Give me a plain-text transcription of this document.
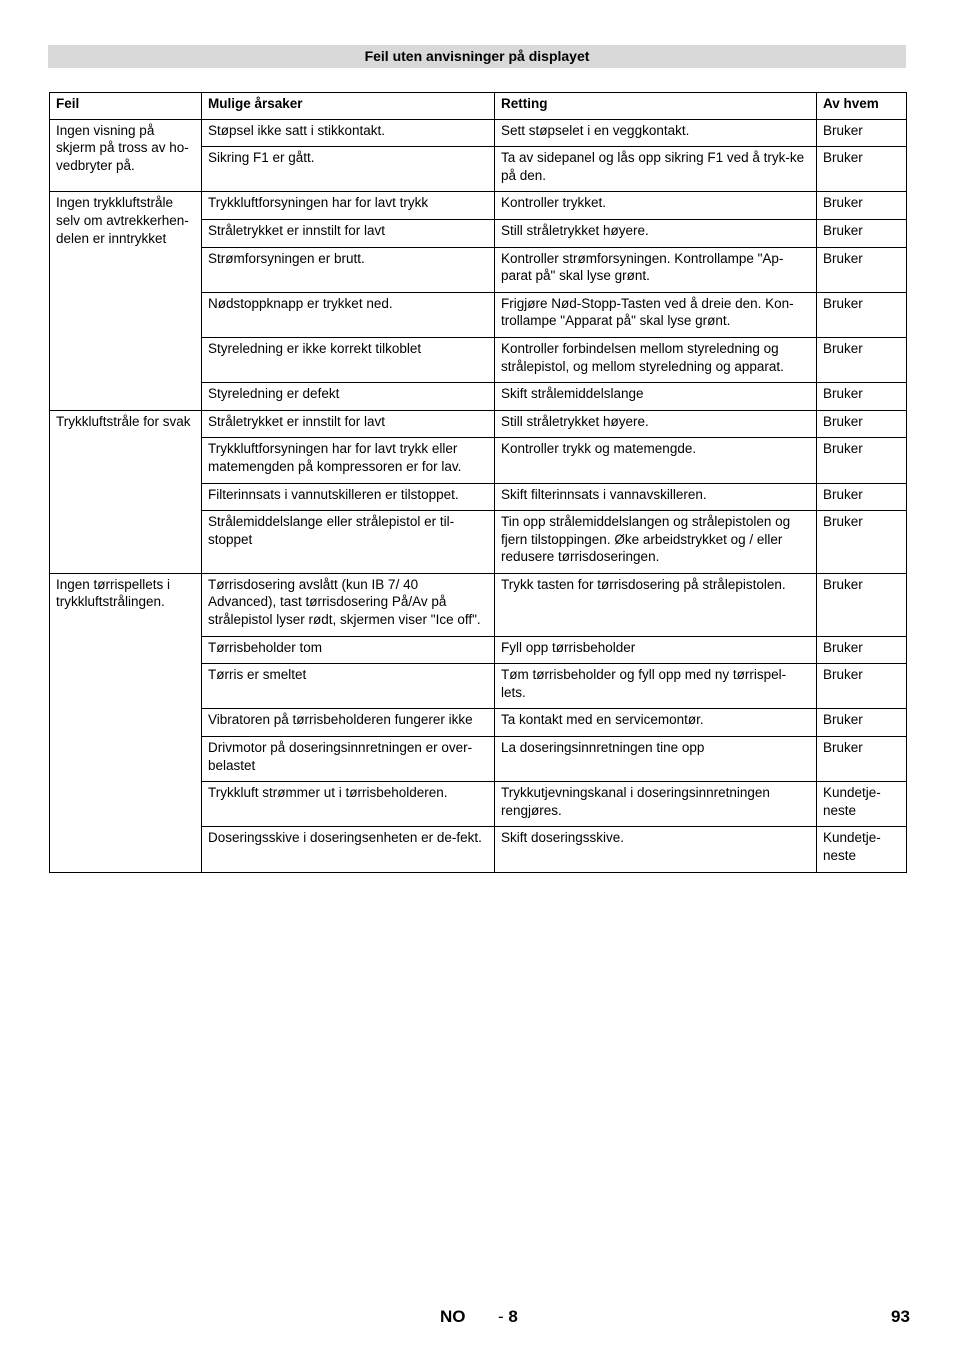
Feil uten anvisninger på displayet
Feil	Mulige årsaker	Retting	Av hvem
Ingen visning på skjerm på tross av ho-vedbryter på.	Støpsel ikke satt i stikkontakt.	Sett støpselet i en veggkontakt.	Bruker
	Sikring F1 er gått.	Ta av sidepanel og lås opp sikring F1 ved å tryk-ke på den.	Bruker
Ingen trykkluftstråle selv om avtrekkerhen-delen er inntrykket	Trykkluftforsyningen har for lavt trykk	Kontroller trykket.	Bruker
	Stråletrykket er innstilt for lavt	Still stråletrykket høyere.	Bruker
	Strømforsyningen er brutt.	Kontroller strømforsyningen. Kontrollampe "Ap-parat på" skal lyse grønt.	Bruker
	Nødstoppknapp er trykket ned.	Frigjøre Nød-Stopp-Tasten ved å dreie den. Kon-trollampe "Apparat på" skal lyse grønt.	Bruker
	Styreledning er ikke korrekt tilkoblet	Kontroller forbindelsen mellom styreledning og strålepistol, og mellom styreledning og apparat.	Bruker
	Styreledning er defekt	Skift strålemiddelslange	Bruker
Trykkluftstråle for svak	Stråletrykket er innstilt for lavt	Still stråletrykket høyere.	Bruker
	Trykkluftforsyningen har for lavt trykk eller matemengden på kompressoren er for lav.	Kontroller trykk og matemengde.	Bruker
	Filterinnsats i vannutskilleren er tilstoppet.	Skift filterinnsats i vannavskilleren.	Bruker
	Strålemiddelslange eller strålepistol er til-stoppet	Tin opp strålemiddelslangen og strålepistolen og fjern tilstoppingen. Øke arbeidstrykket og / eller redusere tørrisdoseringen.	Bruker
Ingen tørrispellets i trykkluftstrålingen.	Tørrisdosering avslått (kun IB 7/ 40 Advanced), tast tørrisdosering På/Av på strålepistol lyser rødt, skjermen viser "Ice off".	Trykk tasten for tørrisdosering på strålepistolen.	Bruker
	Tørrisbeholder tom	Fyll opp tørrisbeholder	Bruker
	Tørris er smeltet	Tøm tørrisbeholder og fyll opp med ny tørrispel-lets.	Bruker
	Vibratoren på tørrisbeholderen fungerer ikke	Ta kontakt med en servicemontør.	Bruker
	Drivmotor på doseringsinnretningen er over-belastet	La doseringsinnretningen tine opp	Bruker
	Trykkluft strømmer ut i tørrisbeholderen.	Trykkutjevningskanal i doseringsinnretningen rengjøres.	Kundetje-neste
	Doseringsskive i doseringsenheten er de-fekt.	Skift doseringsskive.	Kundetje-neste
NO - 8	93
